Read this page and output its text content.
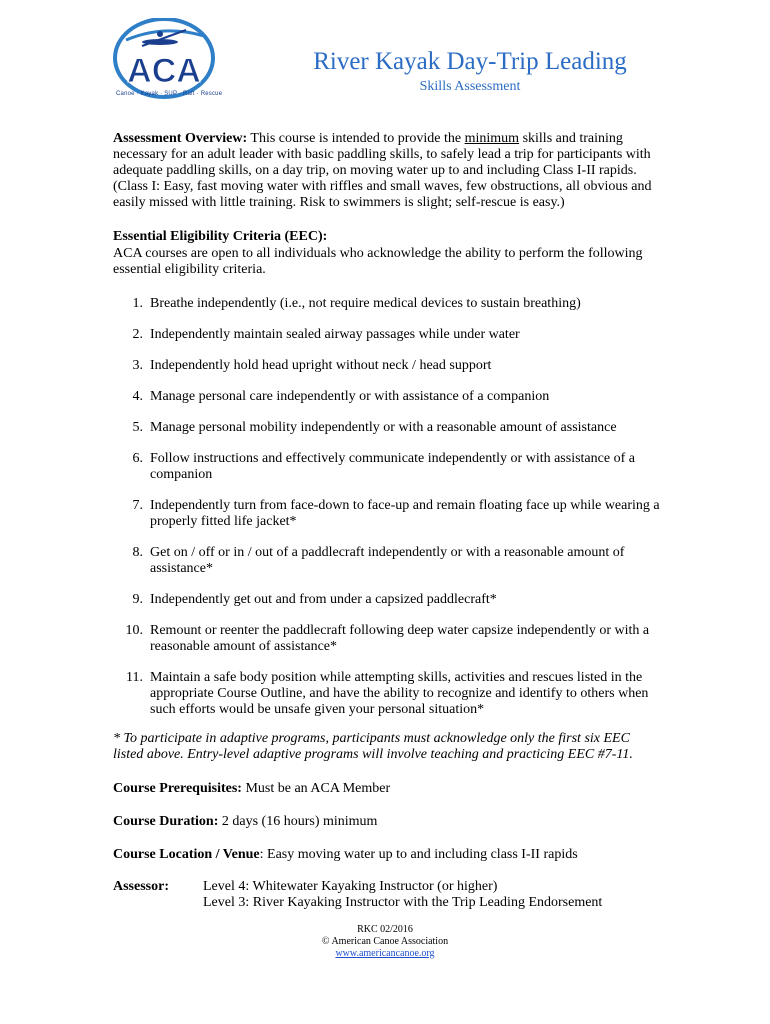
ACA
Canoe · Kayak · SUP · Raft · Rescue
River Kayak Day-Trip Leading
Skills Assessment
Assessment Overview: This course is intended to provide the minimum skills and training necessary for an adult leader with basic paddling skills, to safely lead a trip for participants with adequate paddling skills, on a day trip, on moving water up to and including Class I-II rapids. (Class I: Easy, fast moving water with riffles and small waves, few obstructions, all obvious and easily missed with little training. Risk to swimmers is slight; self-rescue is easy.)
Essential Eligibility Criteria (EEC):
ACA courses are open to all individuals who acknowledge the ability to perform the following essential eligibility criteria.
1. Breathe independently (i.e., not require medical devices to sustain breathing)
2. Independently maintain sealed airway passages while under water
3. Independently hold head upright without neck / head support
4. Manage personal care independently or with assistance of a companion
5. Manage personal mobility independently or with a reasonable amount of assistance
6. Follow instructions and effectively communicate independently or with assistance of a companion
7. Independently turn from face-down to face-up and remain floating face up while wearing a properly fitted life jacket*
8. Get on / off or in / out of a paddlecraft independently or with a reasonable amount of assistance*
9. Independently get out and from under a capsized paddlecraft*
10. Remount or reenter the paddlecraft following deep water capsize independently or with a reasonable amount of assistance*
11. Maintain a safe body position while attempting skills, activities and rescues listed in the appropriate Course Outline, and have the ability to recognize and identify to others when such efforts would be unsafe given your personal situation*
* To participate in adaptive programs, participants must acknowledge only the first six EEC listed above. Entry-level adaptive programs will involve teaching and practicing EEC #7-11.
Course Prerequisites: Must be an ACA Member
Course Duration: 2 days (16 hours) minimum
Course Location / Venue: Easy moving water up to and including class I-II rapids
Assessor: Level 4: Whitewater Kayaking Instructor (or higher)
Level 3: River Kayaking Instructor with the Trip Leading Endorsement
RKC 02/2016
© American Canoe Association
www.americancanoe.org
